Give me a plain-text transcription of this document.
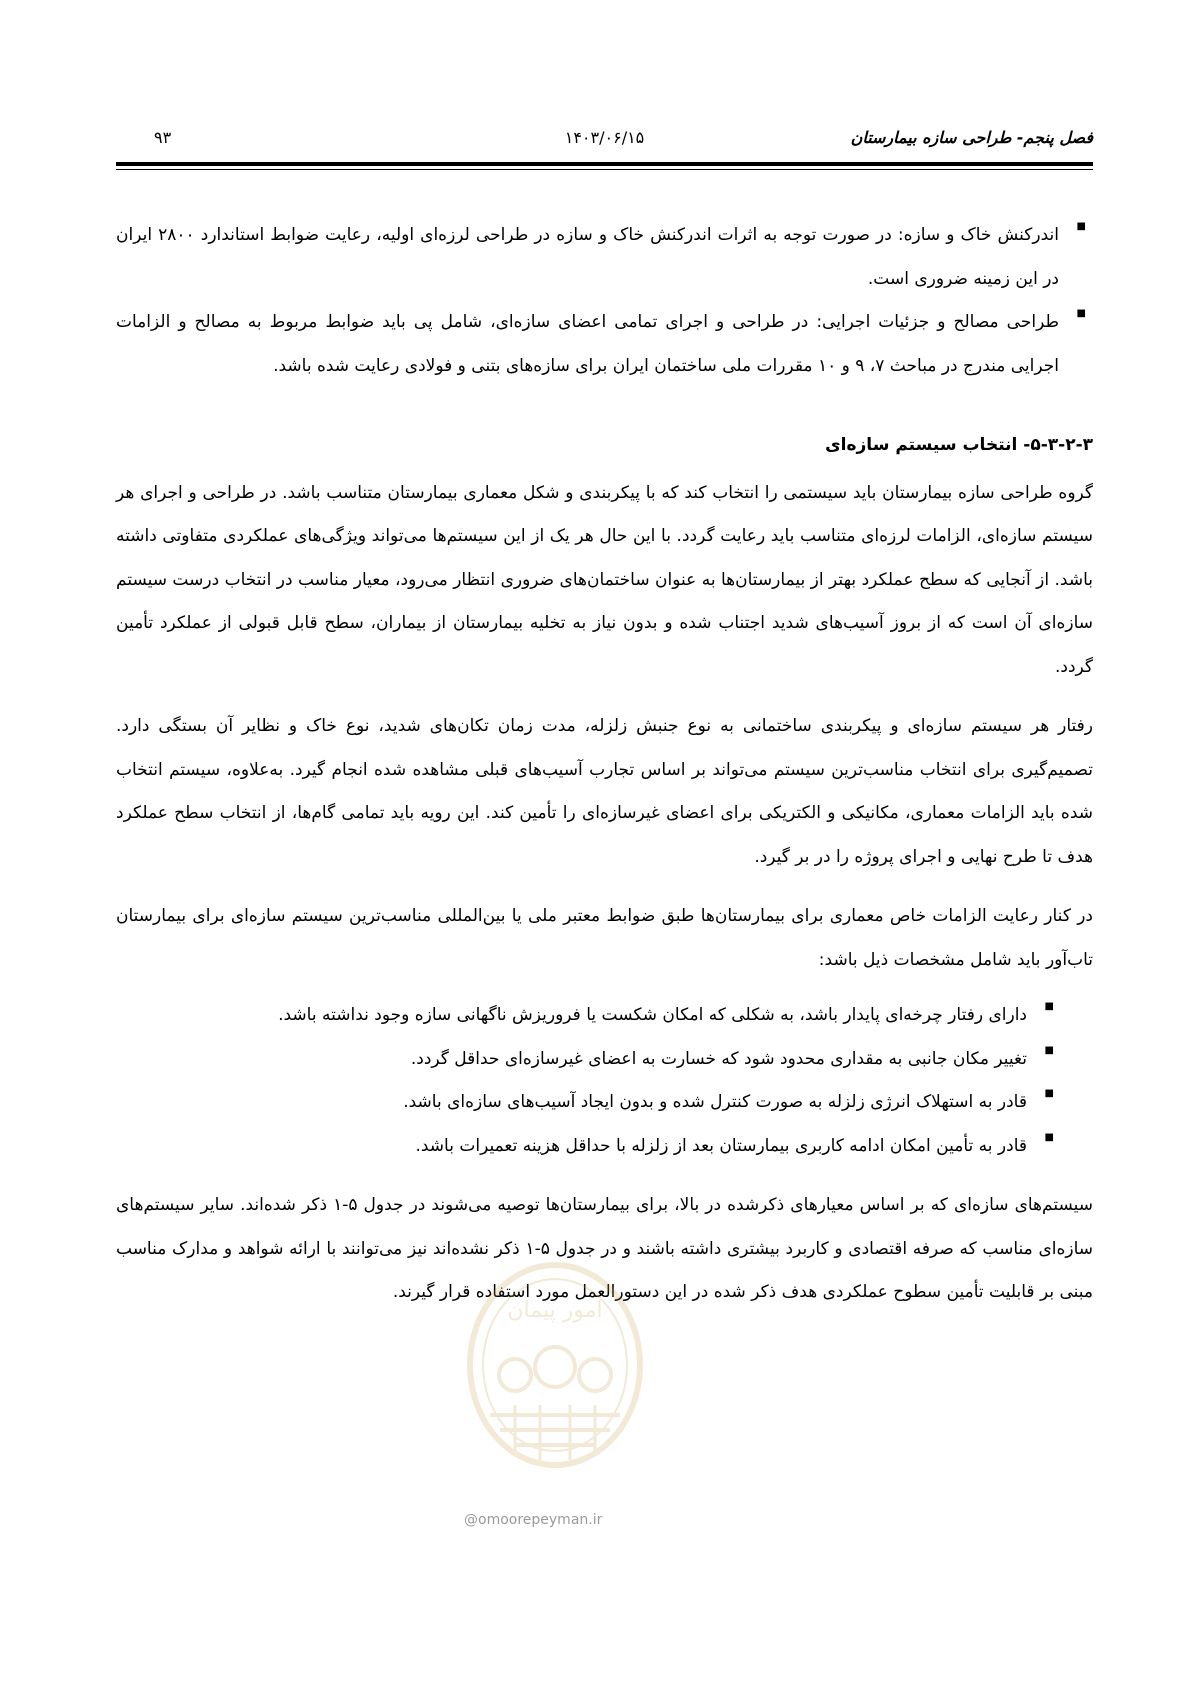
فصل پنجم- طراحی سازه بیمارستان
۱۴۰۳/۰۶/۱۵
۹۳
■
اندرکنش خاک و سازه: در صورت توجه به اثرات اندرکنش خاک و سازه در طراحی لرزه‌ای اولیه، رعایت ضوابط استاندارد ۲۸۰۰ ایران در این زمینه ضروری است.
■
طراحی مصالح و جزئیات اجرایی: در طراحی و اجرای تمامی اعضای سازه‌ای، شامل پی باید ضوابط مربوط به مصالح و الزامات اجرایی مندرج در مباحث ۷، ۹ و ۱۰ مقررات ملی ساختمان ایران برای سازه‌های بتنی و فولادی رعایت شده باشد.
۵-۳-۲-۳- انتخاب سیستم سازه‌ای

گروه طراحی سازه بیمارستان باید سیستمی را انتخاب کند که با پیکربندی و شکل معماری بیمارستان متناسب باشد. در طراحی و اجرای هر سیستم سازه‌ای، الزامات لرزه‌ای متناسب باید رعایت گردد. با این حال هر یک از این سیستم‌ها می‌تواند ویژگی‌های عملکردی متفاوتی داشته باشد. از آنجایی که سطح عملکرد بهتر از بیمارستان‌ها به عنوان ساختمان‌های ضروری انتظار می‌رود، معیار مناسب در انتخاب درست سیستم سازه‌ای آن است که از بروز آسیب‌های شدید اجتناب شده و بدون نیاز به تخلیه بیمارستان از بیماران، سطح قابل قبولی از عملکرد تأمین گردد.

رفتار هر سیستم سازه‌ای و پیکربندی ساختمانی به نوع جنبش زلزله، مدت زمان تکان‌های شدید، نوع خاک و نظایر آن بستگی دارد. تصمیم‌گیری برای انتخاب مناسب‌ترین سیستم می‌تواند بر اساس تجارب آسیب‌های قبلی مشاهده شده انجام گیرد. به‌علاوه، سیستم انتخاب شده باید الزامات معماری، مکانیکی و الکتریکی برای اعضای غیرسازه‌ای را تأمین کند. این رویه باید تمامی گام‌ها، از انتخاب سطح عملکرد هدف تا طرح نهایی و اجرای پروژه را در بر گیرد.

در کنار رعایت الزامات خاص معماری برای بیمارستان‌ها طبق ضوابط معتبر ملی یا بین‌المللی مناسب‌ترین سیستم سازه‌ای برای بیمارستان تاب‌آور باید شامل مشخصات ذیل باشد:

■
دارای رفتار چرخه‌ای پایدار باشد، به شکلی که امکان شکست یا فروریزش ناگهانی سازه وجود نداشته باشد.
■
تغییر مکان جانبی به مقداری محدود شود که خسارت به اعضای غیرسازه‌ای حداقل گردد.
■
قادر به استهلاک انرژی زلزله به صورت کنترل شده و بدون ایجاد آسیب‌های سازه‌ای باشد.
■
قادر به تأمین امکان ادامه کاربری بیمارستان بعد از زلزله با حداقل هزینه تعمیرات باشد.

سیستم‌های سازه‌ای که بر اساس معیارهای ذکرشده در بالا، برای بیمارستان‌ها توصیه می‌شوند در جدول ۵-۱ ذکر شده‌اند. سایر سیستم‌های سازه‌ای مناسب که صرفه اقتصادی و کاربرد بیشتری داشته باشند و در جدول ۵-۱ ذکر نشده‌اند نیز می‌توانند با ارائه شواهد و مدارک مناسب مبنی بر قابلیت تأمین سطوح عملکردی هدف ذکر شده در این دستورالعمل مورد استفاده قرار گیرند.

امور پیمان
@omoorepeyman.ir
